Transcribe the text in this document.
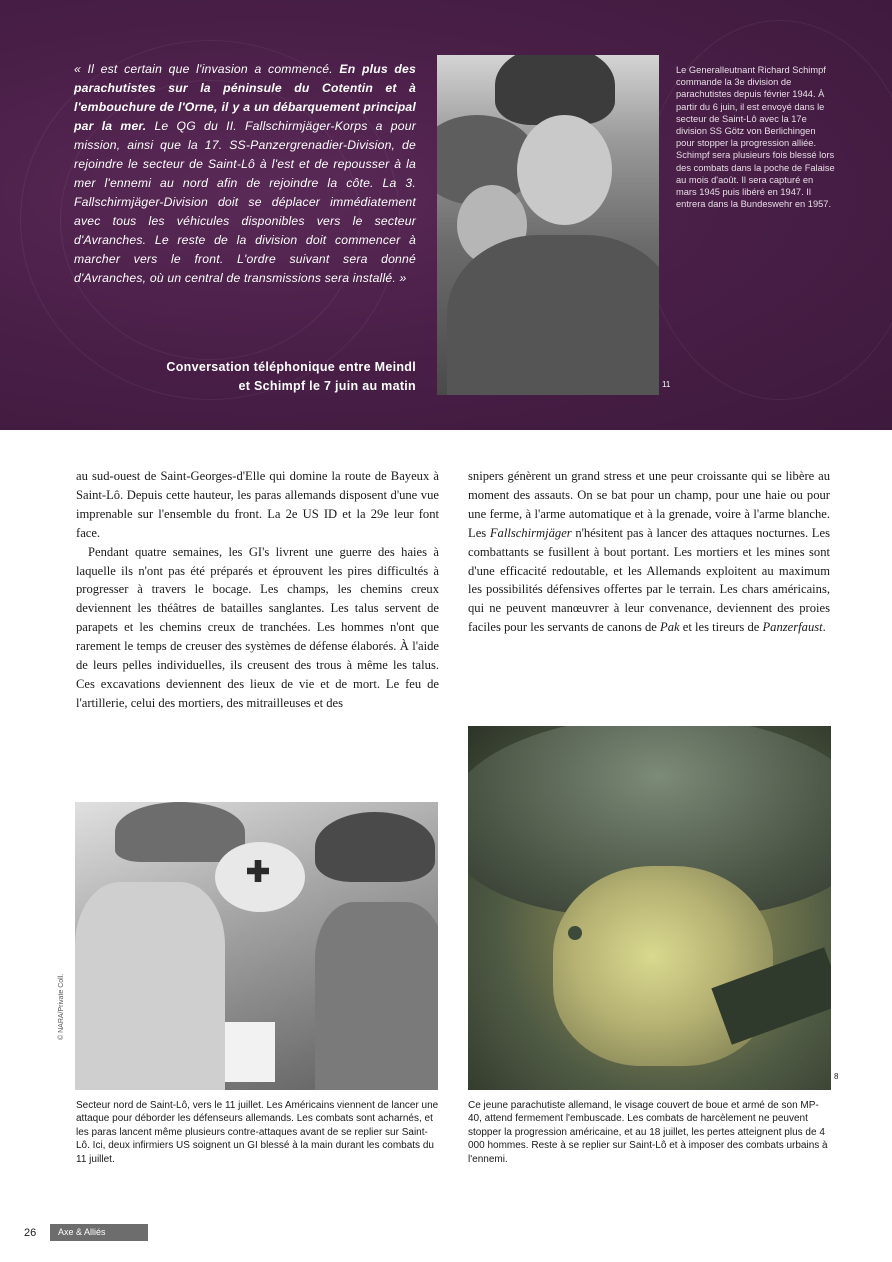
« Il est certain que l'invasion a commencé. En plus des parachutistes sur la péninsule du Cotentin et à l'embouchure de l'Orne, il y a un débarquement principal par la mer. Le QG du II. Fallschirmjäger-Korps a pour mission, ainsi que la 17. SS-Panzergrenadier-Division, de rejoindre le secteur de Saint-Lô à l'est et de repousser à la mer l'ennemi au nord afin de rejoindre la côte. La 3. Fallschirmjäger-Division doit se déplacer immédiatement avec tous les véhicules disponibles vers le secteur d'Avranches. Le reste de la division doit commencer à marcher vers le front. L'ordre suivant sera donné d'Avranches, où un central de transmissions sera installé. »
Conversation téléphonique entre Meindl
et Schimpf le 7 juin au matin	11
Le Generalleutnant Richard Schimpf commande la 3e division de parachutistes depuis février 1944. À partir du 6 juin, il est envoyé dans le secteur de Saint-Lô avec la 17e division SS Götz von Berlichingen pour stopper la progression alliée. Schimpf sera plusieurs fois blessé lors des combats dans la poche de Falaise au mois d'août. Il sera capturé en mars 1945 puis libéré en 1947. Il entrera dans la Bundeswehr en 1957.

au sud-ouest de Saint-Georges-d'Elle qui domine la route de Bayeux à Saint-Lô. Depuis cette hauteur, les paras allemands disposent d'une vue imprenable sur l'ensemble du front. La 2e US ID et la 29e leur font face.

Pendant quatre semaines, les GI's livrent une guerre des haies à laquelle ils n'ont pas été préparés et éprouvent les pires difficultés à progresser à travers le bocage. Les champs, les chemins creux deviennent les théâtres de batailles sanglantes. Les talus servent de parapets et les chemins creux de tranchées. Les hommes n'ont que rarement le temps de creuser des systèmes de défense élaborés. À l'aide de leurs pelles individuelles, ils creusent des trous à même les talus. Ces excavations deviennent des lieux de vie et de mort. Le feu de l'artillerie, celui des mortiers, des mitrailleuses et des

snipers génèrent un grand stress et une peur croissante qui se libère au moment des assauts. On se bat pour un champ, pour une haie ou pour une ferme, à l'arme automatique et à la grenade, voire à l'arme blanche. Les Fallschirmjäger n'hésitent pas à lancer des attaques nocturnes. Les combattants se fusillent à bout portant. Les mortiers et les mines sont d'une efficacité redoutable, et les Allemands exploitent au maximum les possibilités défensives offertes par le terrain. Les chars américains, qui ne peuvent manœuvrer à leur convenance, deviennent des proies faciles pour les servants de canons de Pak et les tireurs de Panzerfaust.

© NARA/Private Coll.
8
Secteur nord de Saint-Lô, vers le 11 juillet. Les Américains viennent de lancer une attaque pour déborder les défenseurs allemands. Les combats sont acharnés, et les paras lancent même plusieurs contre-attaques avant de se replier sur Saint-Lô. Ici, deux infirmiers US soignent un GI blessé à la main durant les combats du 11 juillet.
Ce jeune parachutiste allemand, le visage couvert de boue et armé de son MP-40, attend fermement l'embuscade. Les combats de harcèlement ne peuvent stopper la progression américaine, et au 18 juillet, les pertes atteignent plus de 4 000 hommes. Reste à se replier sur Saint-Lô et à imposer des combats urbains à l'ennemi.
26	Axe & Alliés
